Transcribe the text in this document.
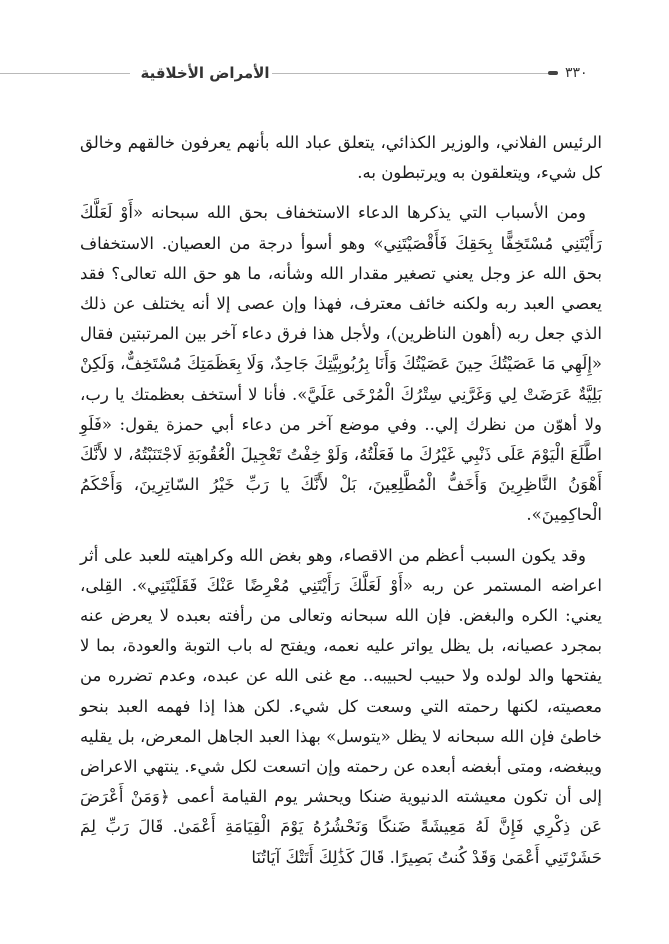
الأمراض الأخلاقية	٣٣٠

الرئيس الفلاني، والوزير الكذائي، يتعلق عباد الله بأنهم يعرفون خالقهم وخالق كل شيء، ويتعلقون به ويرتبطون به.

ومن الأسباب التي يذكرها الدعاء الاستخفاف بحق الله سبحانه «أَوْ لَعَلَّكَ رَأَيْتَنِي مُسْتَخِفًّا بِحَقِكَ فَأَقْصَيْتَنِي» وهو أسوأ درجة من العصيان. الاستخفاف بحق الله عز وجل يعني تصغير مقدار الله وشأنه، ما هو حق الله تعالى؟ فقد يعصي العبد ربه ولكنه خائف معترف، فهذا وإن عصى إلا أنه يختلف عن ذلك الذي جعل ربه (أهون الناظرين)، ولأجل هذا فرق دعاء آخر بين المرتبتين فقال «إِلَهِي مَا عَصَيْتُكَ حِينَ عَصَيْتُكَ وَأَنَا بِرُبُوبِيَّتِكَ جَاحِدٌ، وَلَا بِعَظَمَتِكَ مُسْتَخِفٌّ، وَلَكِنْ بَلِيَّةٌ عَرَضَتْ لِي وَغَرَّنِي سِتْرُكَ الْمُرْخَى عَلَيَّ». فأنا لا أستخف بعظمتك يا رب، ولا أهوّن من نظرك إلي.. وفي موضع آخر من دعاء أبي حمزة يقول: «فَلَوِ اطَّلَعَ الْيَوْمَ عَلَى ذَنْبِي غَيْرُكَ ما فَعَلْتُهُ، وَلَوْ خِفْتُ تَعْجِيلَ الْعُقُوبَةِ لَاجْتَنَبْتُهُ، لا لأَنَّكَ أَهْوَنُ النَّاظِرِينَ وَأَخَفُّ الْمُطَّلِعِينَ، بَلْ لأَنَّكَ يا رَبِّ خَيْرُ السّاتِرِينَ، وَأَحْكَمُ الْحاكِمِينَ».

وقد يكون السبب أعظم من الاقصاء، وهو بغض الله وكراهيته للعبد على أثر اعراضه المستمر عن ربه «أَوْ لَعَلَّكَ رَأَيْتَنِي مُعْرِضًا عَنْكَ فَقَلَيْتَنِي». القِلى، يعني: الكره والبغض. فإن الله سبحانه وتعالى من رأفته بعبده لا يعرض عنه بمجرد عصيانه، بل يظل يواتر عليه نعمه، ويفتح له باب التوبة والعودة، بما لا يفتحها والد لولده ولا حبيب لحبيبه.. مع غنى الله عن عبده، وعدم تضرره من معصيته، لكنها رحمته التي وسعت كل شيء. لكن هذا إذا فهمه العبد بنحو خاطئ فإن الله سبحانه لا يظل «يتوسل» بهذا العبد الجاهل المعرض، بل يقليه ويبغضه، ومتى أبغضه أبعده عن رحمته وإن اتسعت لكل شيء. ينتهي الاعراض إلى أن تكون معيشته الدنيوية ضنكا ويحشر يوم القيامة أعمى ﴿وَمَنْ أَعْرَضَ عَن ذِكْرِي فَإِنَّ لَهُ مَعِيشَةً ضَنكًا وَنَحْشُرُهُ يَوْمَ الْقِيَامَةِ أَعْمَىٰ. قَالَ رَبِّ لِمَ حَشَرْتَنِي أَعْمَىٰ وَقَدْ كُنتُ بَصِيرًا. قَالَ كَذَٰلِكَ أَتَتْكَ آيَاتُنَا
